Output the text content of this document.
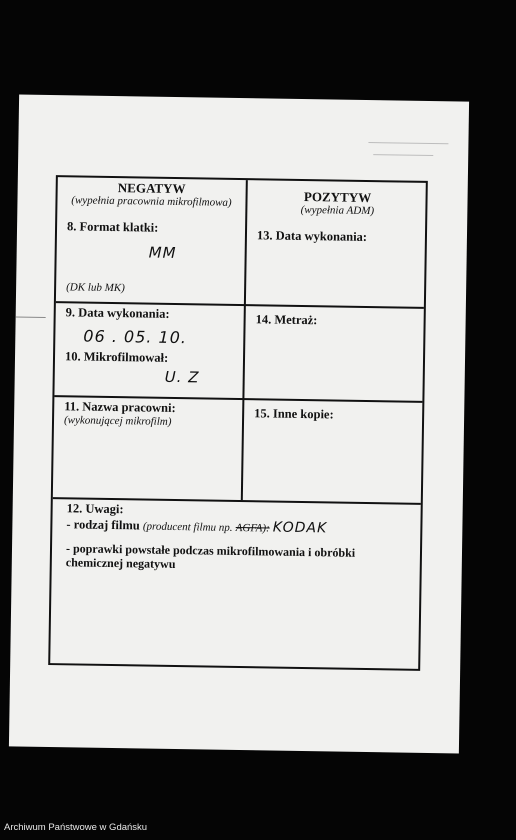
NEGATYW
(wypełnia pracownia mikrofilmowa)	POZYTYW
(wypełnia ADM)
8. Format klatki:
MM
(DK lub MK)
13. Data wykonania:
9. Data wykonania:
06 . 05. 10.
10. Mikrofilmował:
U. Z
14. Metraż:
11. Nazwa pracowni:
(wykonującej mikrofilm)	15. Inne kopie:
12. Uwagi:
- rodzaj filmu (producent filmu np. AGFA): KODAK
- poprawki powstałe podczas mikrofilmowania i obróbki chemicznej negatywu
Archiwum Państwowe w Gdańsku
